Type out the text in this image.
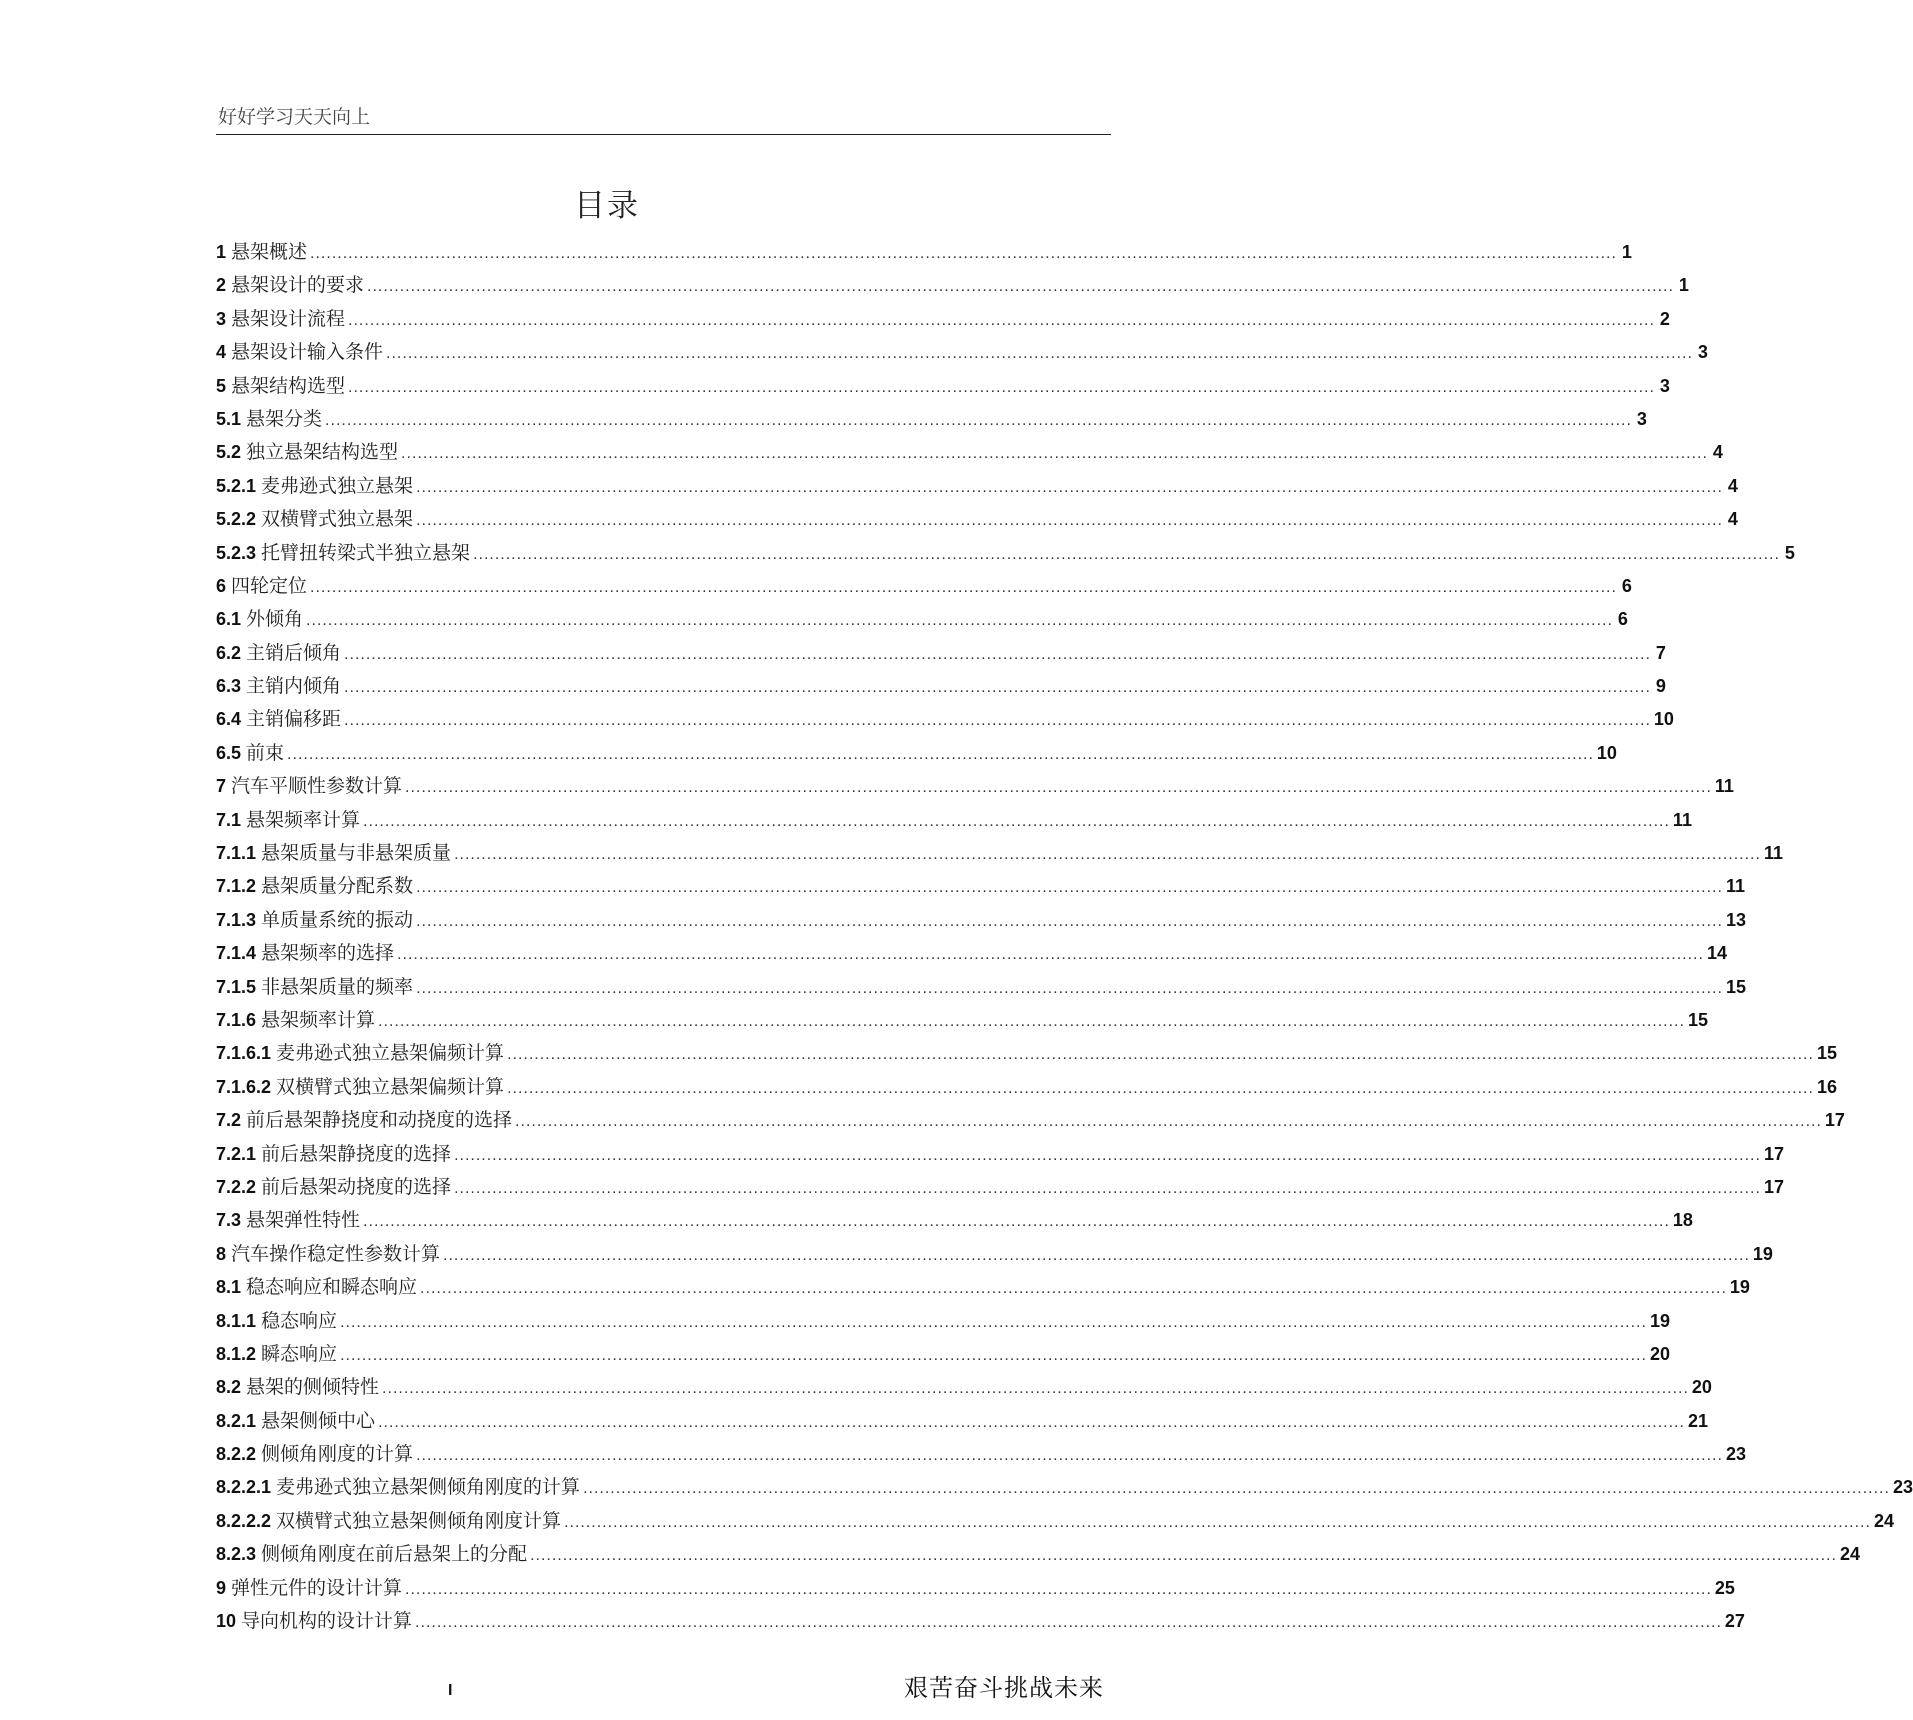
好好学习天天向上
目录
1 悬架概述 .....	1
2 悬架设计的要求 .....	1
3 悬架设计流程 .....	2
4 悬架设计输入条件 .....	3
5 悬架结构选型 .....	3
5.1 悬架分类 .....	3
5.2 独立悬架结构选型 .....	4
5.2.1 麦弗逊式独立悬架 .....	4
5.2.2 双横臂式独立悬架 .....	4
5.2.3 托臂扭转梁式半独立悬架 .....	5
6 四轮定位 .....	6
6.1 外倾角 .....	6
6.2 主销后倾角 .....	7
6.3 主销内倾角 .....	9
6.4 主销偏移距 .....	10
6.5 前束 .....	10
7 汽车平顺性参数计算 .....	11
7.1 悬架频率计算 .....	11
7.1.1 悬架质量与非悬架质量 .....	11
7.1.2 悬架质量分配系数 .....	11
7.1.3 单质量系统的振动 .....	13
7.1.4 悬架频率的选择 .....	14
7.1.5 非悬架质量的频率 .....	15
7.1.6 悬架频率计算 .....	15
7.1.6.1 麦弗逊式独立悬架偏频计算 .....	15
7.1.6.2 双横臂式独立悬架偏频计算 .....	16
7.2 前后悬架静挠度和动挠度的选择 .....	17
7.2.1 前后悬架静挠度的选择 .....	17
7.2.2 前后悬架动挠度的选择 .....	17
7.3 悬架弹性特性 .....	18
8 汽车操作稳定性参数计算 .....	19
8.1 稳态响应和瞬态响应 .....	19
8.1.1 稳态响应 .....	19
8.1.2 瞬态响应 .....	20
8.2 悬架的侧倾特性 .....	20
8.2.1 悬架侧倾中心 .....	21
8.2.2 侧倾角刚度的计算 .....	23
8.2.2.1 麦弗逊式独立悬架侧倾角刚度的计算 .....	23
8.2.2.2 双横臂式独立悬架侧倾角刚度计算 .....	24
8.2.3 侧倾角刚度在前后悬架上的分配 .....	24
9 弹性元件的设计计算 .....	25
10 导向机构的设计计算 .....	27
I	艰苦奋斗挑战未来
